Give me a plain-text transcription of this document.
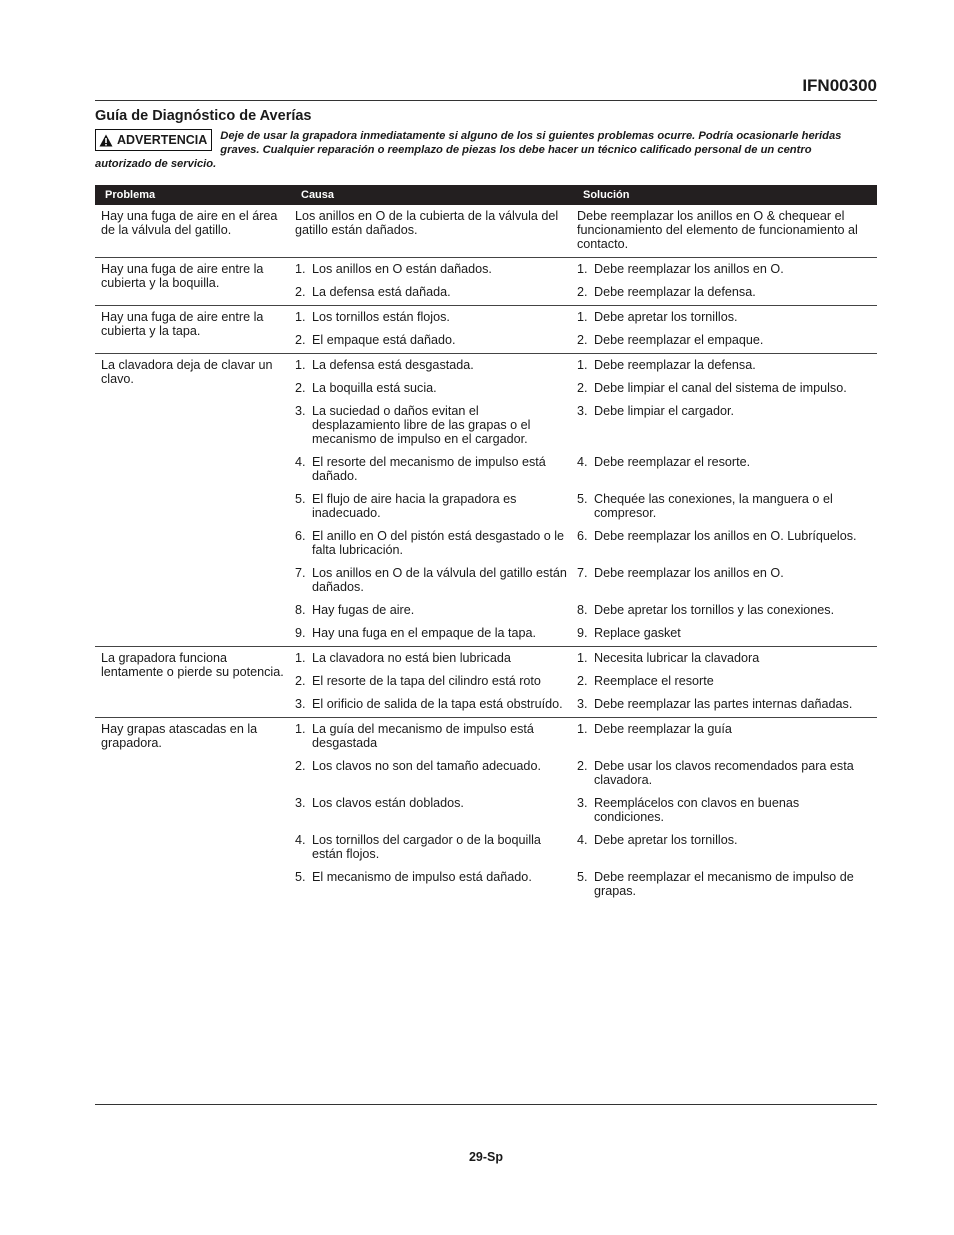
IFN00300
Guía de Diagnóstico de Averías
ADVERTENCIA Deje de usar la grapadora inmediatamente si alguno de los si guientes problemas ocurre. Podría ocasionarle heridas graves. Cualquier reparación o reemplazo de piezas los debe hacer un técnico calificado personal de un centro autorizado de servicio.
Problema	Causa	Solución
Hay una fuga de aire en el área de la válvula del gatillo.	Los anillos en O de la cubierta de la válvula del gatillo están dañados.	Debe reemplazar los anillos en O & chequear el funcionamiento del elemento de funcionamiento al contacto.

Hay una fuga de aire entre la cubierta y la boquilla.	1. Los anillos en O están dañados.	1. Debe reemplazar los anillos en O.

	2. La defensa está dañada.	2. Debe reemplazar la defensa.

Hay una fuga de aire entre la cubierta y la tapa.	1. Los tornillos están flojos.	1. Debe apretar los tornillos.

	2. El empaque está dañado.	2. Debe reemplazar el empaque.

La clavadora deja de clavar un clavo.	1. La defensa está desgastada.	1. Debe reemplazar la defensa.

	2. La boquilla está sucia.	2. Debe limpiar el canal del sistema de impulso.

	3. La suciedad o daños evitan el desplazamiento libre de las grapas o el mecanismo de impulso en el cargador.	3. Debe limpiar el cargador.

	4. El resorte del mecanismo de impulso está dañado.	4. Debe reemplazar el resorte.

	5. El flujo de aire hacia la grapadora es inadecuado.	5. Chequée las conexiones, la manguera o el compresor.

	6. El anillo en O del pistón está desgastado o le falta lubricación.	6. Debe reemplazar los anillos en O. Lubríquelos.

	7. Los anillos en O de la válvula del gatillo están dañados.	7. Debe reemplazar los anillos en O.

	8. Hay fugas de aire.	8. Debe apretar los tornillos y las conexiones.

	9. Hay una fuga en el empaque de la tapa.	9. Replace gasket

La grapadora funciona lentamente o pierde su potencia.	1. La clavadora no está bien lubricada	1. Necesita lubricar la clavadora

	2. El resorte de la tapa del cilindro está roto	2. Reemplace el resorte

	3. El orificio de salida de la tapa está obstruído.	3. Debe reemplazar las partes internas dañadas.

Hay grapas atascadas en la grapadora.	1. La guía del mecanismo de impulso está desgastada	1. Debe reemplazar la guía

	2. Los clavos no son del tamaño adecuado.	2. Debe usar los clavos recomendados para esta clavadora.

	3. Los clavos están doblados.	3. Reemplácelos con clavos en buenas condiciones.

	4. Los tornillos del cargador o de la boquilla están flojos.	4. Debe apretar los tornillos.

	5. El mecanismo de impulso está dañado.	5. Debe reemplazar el mecanismo de impulso de grapas.
29-Sp
